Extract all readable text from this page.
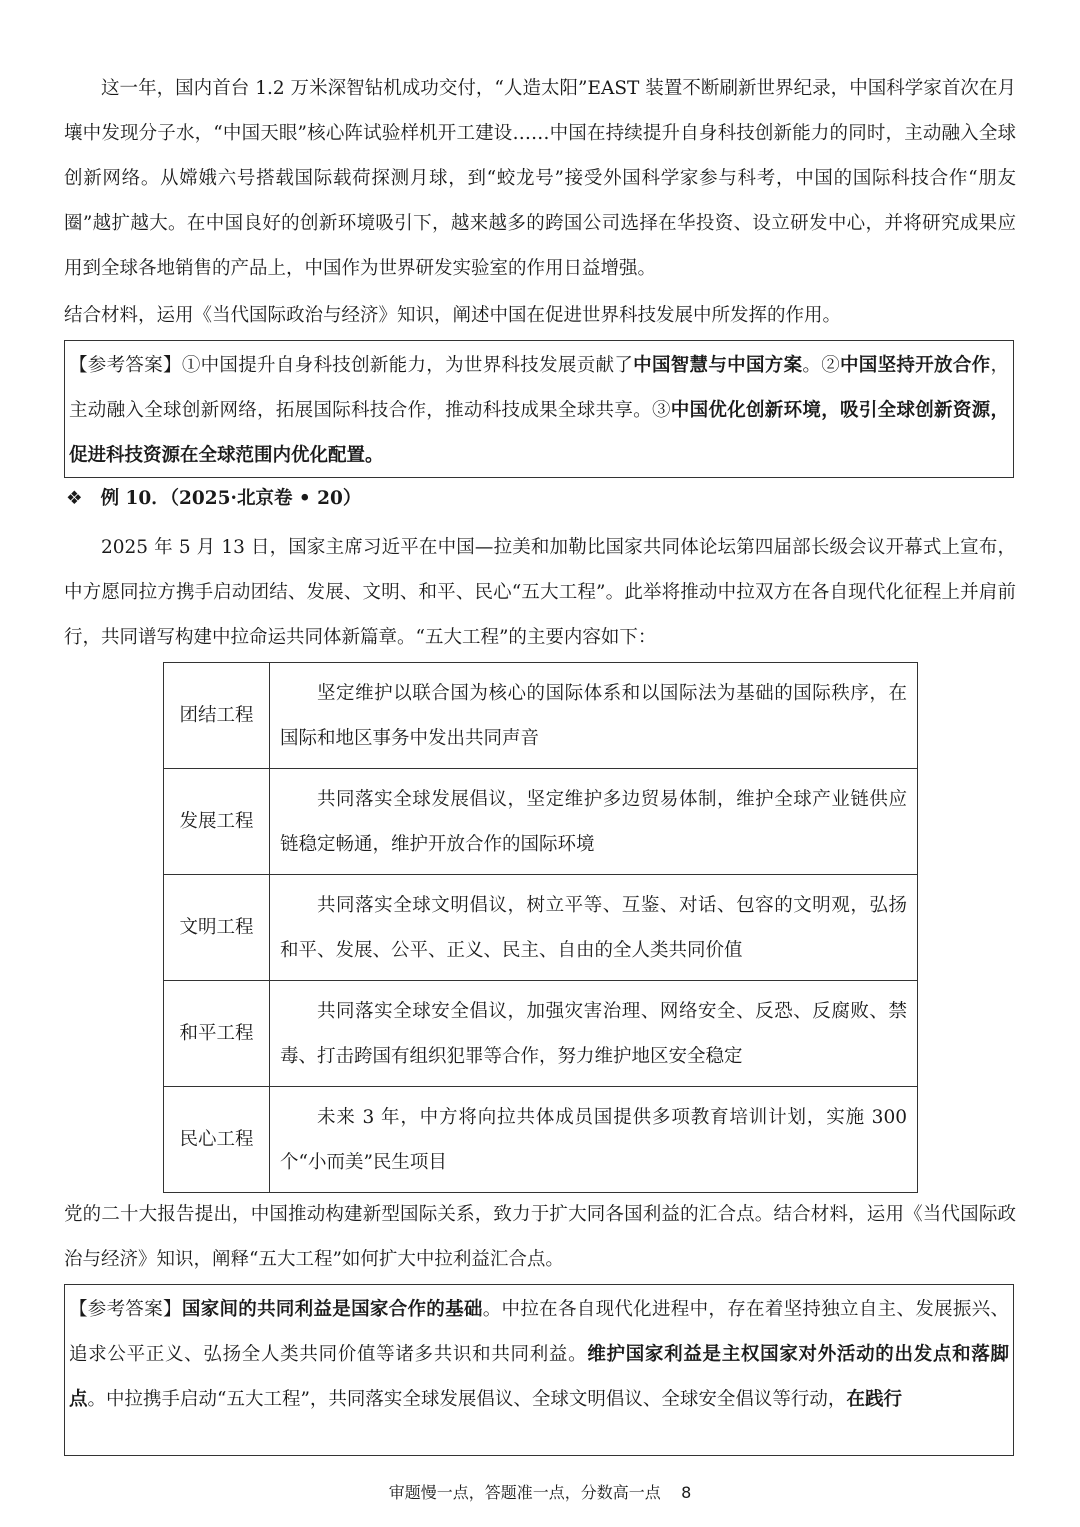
这一年，国内首台 1.2 万米深智钻机成功交付，“人造太阳”EAST 装置不断刷新世界纪录，中国科学家首次在月壤中发现分子水，“中国天眼”核心阵试验样机开工建设……中国在持续提升自身科技创新能力的同时，主动融入全球创新网络。从嫦娥六号搭载国际载荷探测月球，到“蛟龙号”接受外国科学家参与科考，中国的国际科技合作“朋友圈”越扩越大。在中国良好的创新环境吸引下，越来越多的跨国公司选择在华投资、设立研发中心，并将研究成果应用到全球各地销售的产品上，中国作为世界研发实验室的作用日益增强。
结合材料，运用《当代国际政治与经济》知识，阐述中国在促进世界科技发展中所发挥的作用。
【参考答案】①中国提升自身科技创新能力，为世界科技发展贡献了中国智慧与中国方案。②中国坚持开放合作，主动融入全球创新网络，拓展国际科技合作，推动科技成果全球共享。③中国优化创新环境，吸引全球创新资源，促进科技资源在全球范围内优化配置。
❖ 例 10．（2025·北京卷 • 20）
2025 年 5 月 13 日，国家主席习近平在中国—拉美和加勒比国家共同体论坛第四届部长级会议开幕式上宣布，中方愿同拉方携手启动团结、发展、文明、和平、民心“五大工程”。此举将推动中拉双方在各自现代化征程上并肩前行，共同谱写构建中拉命运共同体新篇章。“五大工程”的主要内容如下：
团结工程	坚定维护以联合国为核心的国际体系和以国际法为基础的国际秩序，在国际和地区事务中发出共同声音

发展工程	共同落实全球发展倡议，坚定维护多边贸易体制，维护全球产业链供应链稳定畅通，维护开放合作的国际环境

文明工程	共同落实全球文明倡议，树立平等、互鉴、对话、包容的文明观，弘扬和平、发展、公平、正义、民主、自由的全人类共同价值

和平工程	共同落实全球安全倡议，加强灾害治理、网络安全、反恐、反腐败、禁毒、打击跨国有组织犯罪等合作，努力维护地区安全稳定

民心工程	未来 3 年，中方将向拉共体成员国提供多项教育培训计划，实施 300 个“小而美”民生项目
党的二十大报告提出，中国推动构建新型国际关系，致力于扩大同各国利益的汇合点。结合材料，运用《当代国际政治与经济》知识，阐释“五大工程”如何扩大中拉利益汇合点。
【参考答案】国家间的共同利益是国家合作的基础。中拉在各自现代化进程中，存在着坚持独立自主、发展振兴、追求公平正义、弘扬全人类共同价值等诸多共识和共同利益。维护国家利益是主权国家对外活动的出发点和落脚点。中拉携手启动“五大工程”，共同落实全球发展倡议、全球文明倡议、全球安全倡议等行动，在践行
审题慢一点，答题准一点，分数高一点 8
